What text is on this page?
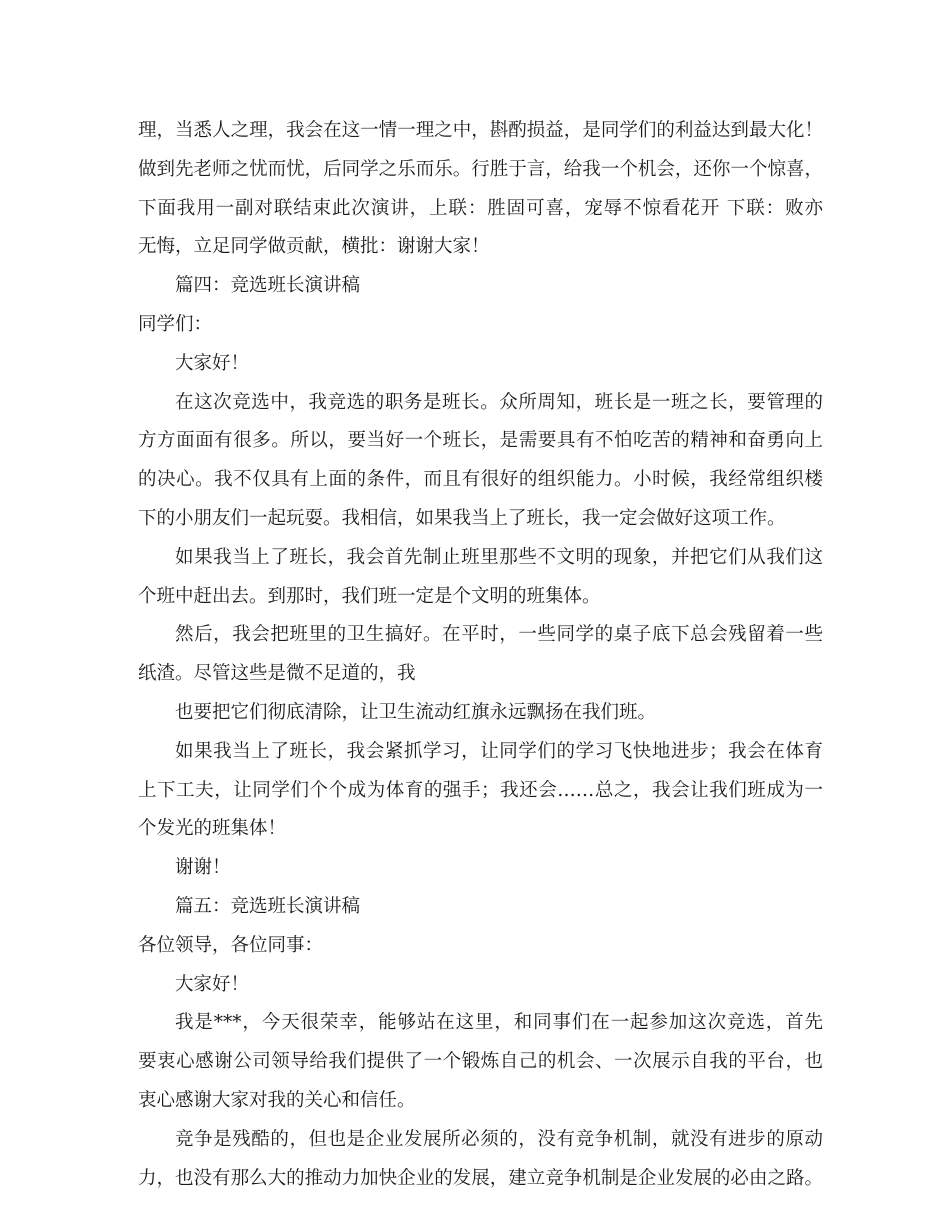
理，当悉人之理，我会在这一情一理之中，斟酌损益，是同学们的利益达到最大化！
做到先老师之忧而忧，后同学之乐而乐。行胜于言，给我一个机会，还你一个惊喜，
下面我用一副对联结束此次演讲，上联：胜固可喜，宠辱不惊看花开 下联：败亦
无悔，立足同学做贡献，横批：谢谢大家！
篇四：竞选班长演讲稿
同学们：
大家好！
在这次竞选中，我竞选的职务是班长。众所周知，班长是一班之长，要管理的
方方面面有很多。所以，要当好一个班长，是需要具有不怕吃苦的精神和奋勇向上
的决心。我不仅具有上面的条件，而且有很好的组织能力。小时候，我经常组织楼
下的小朋友们一起玩耍。我相信，如果我当上了班长，我一定会做好这项工作。
如果我当上了班长，我会首先制止班里那些不文明的现象，并把它们从我们这
个班中赶出去。到那时，我们班一定是个文明的班集体。
然后，我会把班里的卫生搞好。在平时，一些同学的桌子底下总会残留着一些
纸渣。尽管这些是微不足道的，我
也要把它们彻底清除，让卫生流动红旗永远飘扬在我们班。
如果我当上了班长，我会紧抓学习，让同学们的学习飞快地进步；我会在体育
上下工夫，让同学们个个成为体育的强手；我还会……总之，我会让我们班成为一
个发光的班集体！
谢谢！
篇五：竞选班长演讲稿
各位领导，各位同事：
大家好！
我是***，今天很荣幸，能够站在这里，和同事们在一起参加这次竞选，首先
要衷心感谢公司领导给我们提供了一个锻炼自己的机会、一次展示自我的平台，也
衷心感谢大家对我的关心和信任。
竞争是残酷的，但也是企业发展所必须的，没有竞争机制，就没有进步的原动
力，也没有那么大的推动力加快企业的发展，建立竞争机制是企业发展的必由之路。
